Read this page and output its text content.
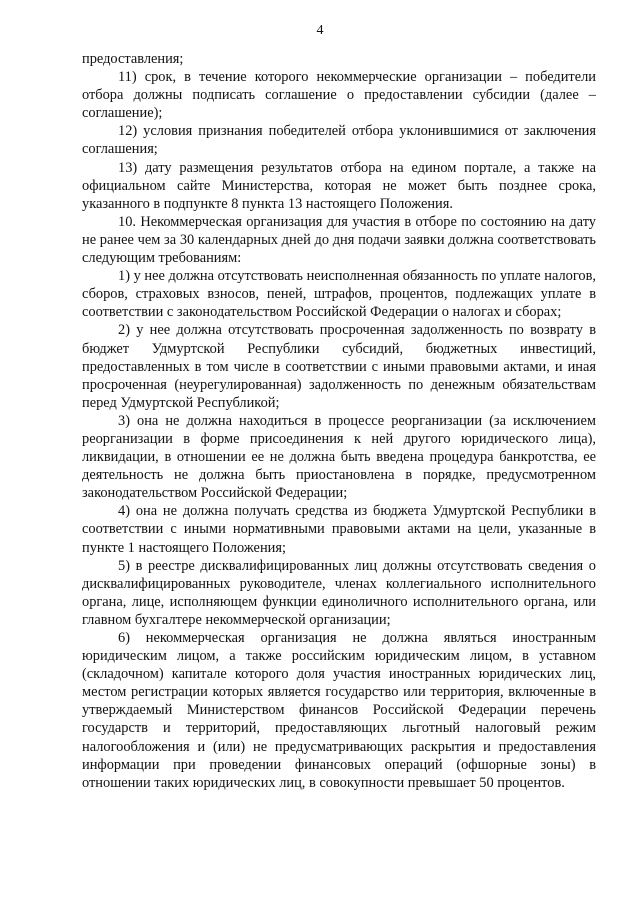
4

предоставления;

11) срок, в течение которого некоммерческие организации – победители отбора должны подписать соглашение о предоставлении субсидии (далее – соглашение);

12) условия признания победителей отбора уклонившимися от заключения соглашения;

13) дату размещения результатов отбора на едином портале, а также на официальном сайте Министерства, которая не может быть позднее срока, указанного в подпункте 8 пункта 13 настоящего Положения.

10. Некоммерческая организация для участия в отборе по состоянию на дату не ранее чем за 30 календарных дней до дня подачи заявки должна соответствовать следующим требованиям:

1) у нее должна отсутствовать неисполненная обязанность по уплате налогов, сборов, страховых взносов, пеней, штрафов, процентов, подлежащих уплате в соответствии с законодательством Российской Федерации о налогах и сборах;

2) у нее должна отсутствовать просроченная задолженность по возврату в бюджет Удмуртской Республики субсидий, бюджетных инвестиций, предоставленных в том числе в соответствии с иными правовыми актами, и иная просроченная (неурегулированная) задолженность по денежным обязательствам перед Удмуртской Республикой;

3) она не должна находиться в процессе реорганизации (за исключением реорганизации в форме присоединения к ней другого юридического лица), ликвидации, в отношении ее не должна быть введена процедура банкротства, ее деятельность не должна быть приостановлена в порядке, предусмотренном законодательством Российской Федерации;

4) она не должна получать средства из бюджета Удмуртской Республики в соответствии с иными нормативными правовыми актами на цели, указанные в пункте 1 настоящего Положения;

5) в реестре дисквалифицированных лиц должны отсутствовать сведения о дисквалифицированных руководителе, членах коллегиального исполнительного органа, лице, исполняющем функции единоличного исполнительного органа, или главном бухгалтере некоммерческой организации;

6) некоммерческая организация не должна являться иностранным юридическим лицом, а также российским юридическим лицом, в уставном (складочном) капитале которого доля участия иностранных юридических лиц, местом регистрации которых является государство или территория, включенные в утверждаемый Министерством финансов Российской Федерации перечень государств и территорий, предоставляющих льготный налоговый режим налогообложения и (или) не предусматривающих раскрытия и предоставления информации при проведении финансовых операций (офшорные зоны) в отношении таких юридических лиц, в совокупности превышает 50 процентов.
